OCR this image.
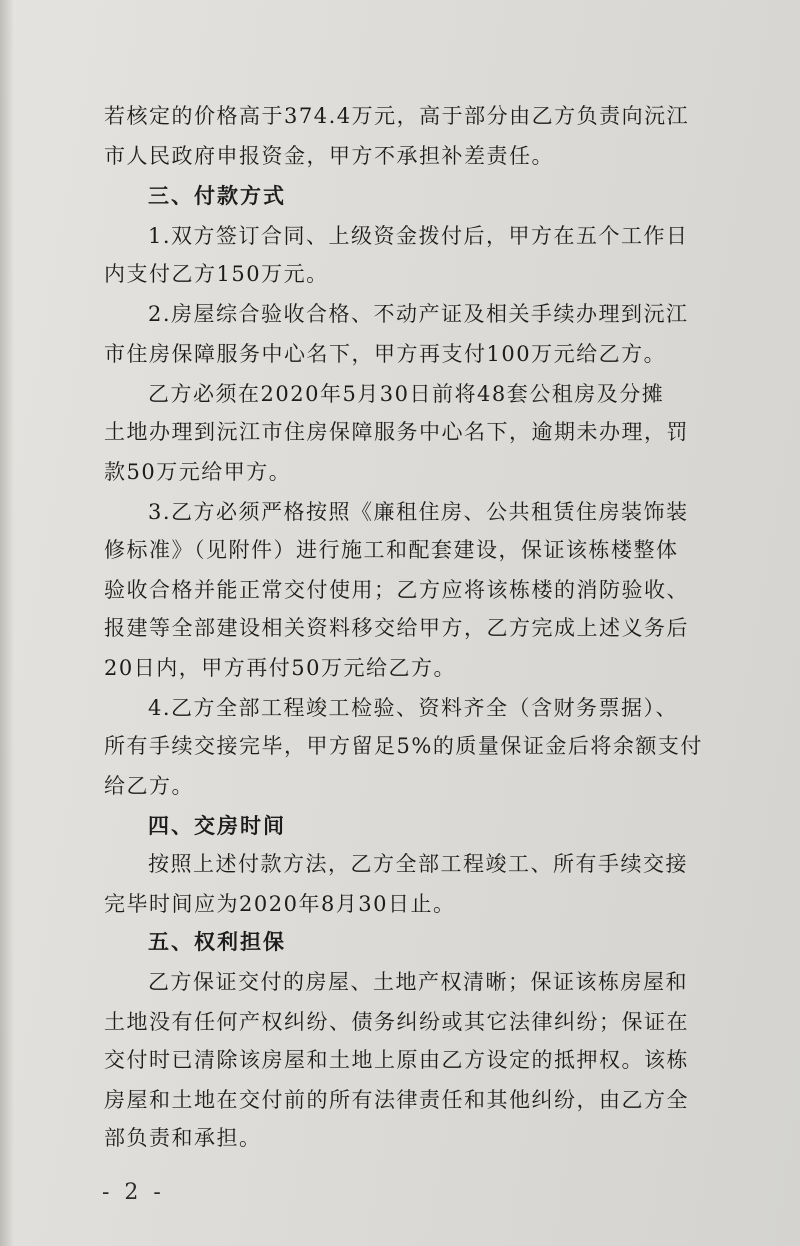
若核定的价格高于374.4万元，高于部分由乙方负责向沅江
市人民政府申报资金，甲方不承担补差责任。
三、付款方式
1.双方签订合同、上级资金拨付后，甲方在五个工作日
内支付乙方150万元。
2.房屋综合验收合格、不动产证及相关手续办理到沅江
市住房保障服务中心名下，甲方再支付100万元给乙方。
乙方必须在2020年5月30日前将48套公租房及分摊
土地办理到沅江市住房保障服务中心名下，逾期未办理，罚
款50万元给甲方。
3.乙方必须严格按照《廉租住房、公共租赁住房装饰装
修标准》（见附件）进行施工和配套建设，保证该栋楼整体
验收合格并能正常交付使用；乙方应将该栋楼的消防验收、
报建等全部建设相关资料移交给甲方，乙方完成上述义务后
20日内，甲方再付50万元给乙方。
4.乙方全部工程竣工检验、资料齐全（含财务票据）、
所有手续交接完毕，甲方留足5%的质量保证金后将余额支付
给乙方。
四、交房时间
按照上述付款方法，乙方全部工程竣工、所有手续交接
完毕时间应为2020年8月30日止。
五、权利担保
乙方保证交付的房屋、土地产权清晰；保证该栋房屋和
土地没有任何产权纠纷、债务纠纷或其它法律纠纷；保证在
交付时已清除该房屋和土地上原由乙方设定的抵押权。该栋
房屋和土地在交付前的所有法律责任和其他纠纷，由乙方全
部负责和承担。
- 2 -
